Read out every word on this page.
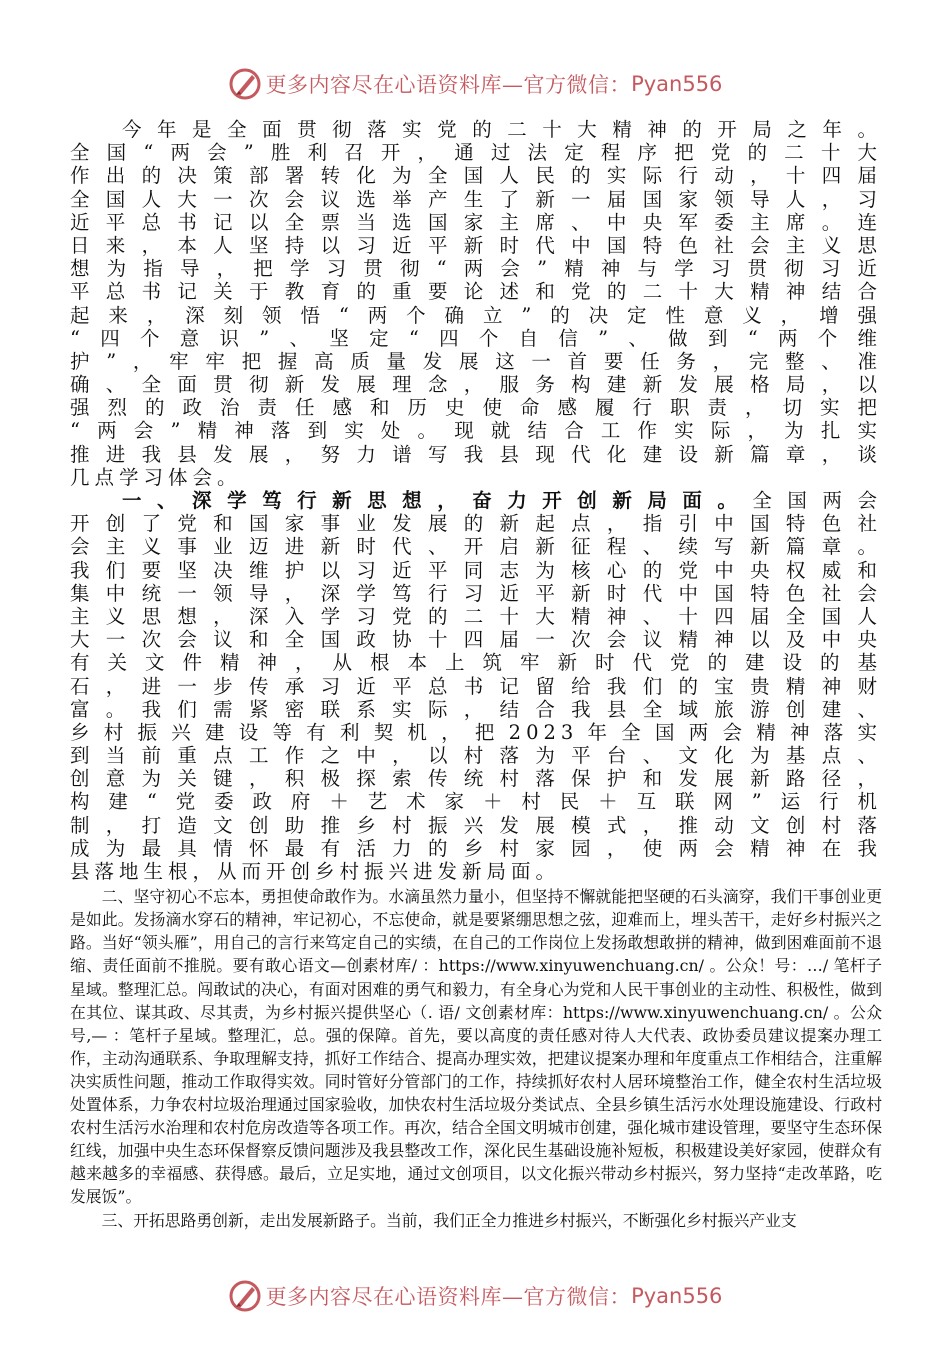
更多内容尽在心语资料库—官方微信： Pyan556
今年是全面贯彻落实党的二十大精神的开局之年。
全国“两会”胜利召开，通过法定程序把党的二十大
作出的决策部署转化为全国人民的实际行动，十四届
全国人大一次会议选举产生了新一届国家领导人，习
近平总书记以全票当选国家主席、中央军委主席。连
日来，本人坚持以习近平新时代中国特色社会主义思
想为指导，把学习贯彻“两会”精神与学习贯彻习近
平总书记关于教育的重要论述和党的二十大精神结合
起来，深刻领悟“两个确立”的决定性意义，增强
“四个意识”、坚定“四个自信”、做到“两个维
护”，牢牢把握高质量发展这一首要任务，完整、准
确、全面贯彻新发展理念，服务构建新发展格局，以
强烈的政治责任感和历史使命感履行职责，切实把
“两会”精神落到实处。现就结合工作实际，为扎实
推进我县发展，努力谱写我县现代化建设新篇章，谈
几点学习体会。
一、深学笃行新思想，奋力开创新局面。全国两会
开创了党和国家事业发展的新起点，指引中国特色社
会主义事业迈进新时代、开启新征程、续写新篇章。
我们要坚决维护以习近平同志为核心的党中央权威和
集中统一领导，深学笃行习近平新时代中国特色社会
主义思想，深入学习党的二十大精神、十四届全国人
大一次会议和全国政协十四届一次会议精神以及中央
有关文件精神，从根本上筑牢新时代党的建设的基
石，进一步传承习近平总书记留给我们的宝贵精神财
富。我们需紧密联系实际，结合我县全域旅游创建、
乡村振兴建设等有利契机，把2023年全国两会精神落实
到当前重点工作之中，以村落为平台、文化为基点、
创意为关键，积极探索传统村落保护和发展新路径，
构建“党委政府＋艺术家＋村民＋互联网”运行机
制，打造文创助推乡村振兴发展模式，推动文创村落
成为最具情怀最有活力的乡村家园，使两会精神在我
县落地生根，从而开创乡村振兴进发新局面。

二、坚守初心不忘本，勇担使命敢作为。水滴虽然力量小，但坚持不懈就能把坚硬的石头滴穿，我们干事创业更是如此。发扬滴水穿石的精神，牢记初心，不忘使命，就是要紧绷思想之弦，迎难而上，埋头苦干，走好乡村振兴之路。当好“领头雁”，用自己的言行来笃定自己的实绩，在自己的工作岗位上发扬敢想敢拼的精神，做到困难面前不退缩、责任面前不推脱。要有敢心语文—创素材库/ ：https://www.xinyuwenchuang.cn/ 。公众！号：…/ 笔杆子星域。整理汇总。闯敢试的决心，有面对困难的勇气和毅力，有全身心为党和人民干事创业的主动性、积极性，做到在其位、谋其政、尽其责，为乡村振兴提供坚心（. 语/ 文创素材库：https://www.xinyuwenchuang.cn/ 。公众号,— ：笔杆子星域。整理汇，总。强的保障。首先，要以高度的责任感对待人大代表、政协委员建议提案办理工作，主动沟通联系、争取理解支持，抓好工作结合、提高办理实效，把建议提案办理和年度重点工作相结合，注重解决实质性问题，推动工作取得实效。同时管好分管部门的工作，持续抓好农村人居环境整治工作，健全农村生活垃圾处置体系，力争农村垃圾治理通过国家验收，加快农村生活垃圾分类试点、全县乡镇生活污水处理设施建设、行政村农村生活污水治理和农村危房改造等各项工作。再次，结合全国文明城市创建，强化城市建设管理，要坚守生态环保红线，加强中央生态环保督察反馈问题涉及我县整改工作，深化民生基础设施补短板，积极建设美好家园，使群众有越来越多的幸福感、获得感。最后，立足实地，通过文创项目，以文化振兴带动乡村振兴，努力坚持“走改革路，吃发展饭”。

三、开拓思路勇创新，走出发展新路子。当前，我们正全力推进乡村振兴，不断强化乡村振兴产业支

更多内容尽在心语资料库—官方微信： Pyan556
